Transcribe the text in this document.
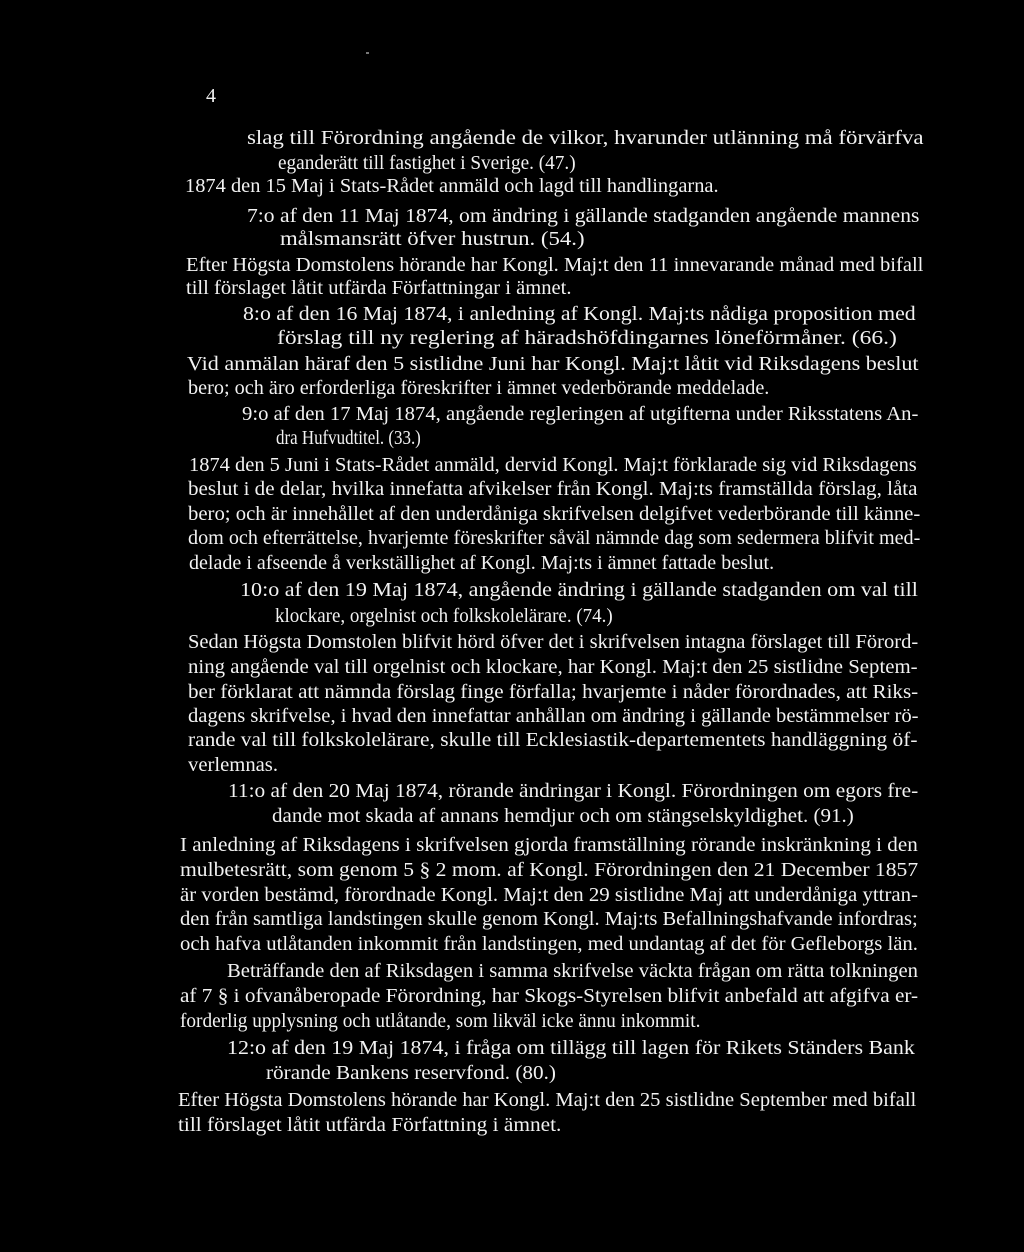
4
slag till Förordning angående de vilkor, hvarunder utlänning må förvärfva
eganderätt till fastighet i Sverige. (47.)
1874 den 15 Maj i Stats-Rådet anmäld och lagd till handlingarna.
7:o af den 11 Maj 1874, om ändring i gällande stadganden angående mannens
målsmansrätt öfver hustrun. (54.)
Efter Högsta Domstolens hörande har Kongl. Maj:t den 11 innevarande månad med bifall
till förslaget låtit utfärda Författningar i ämnet.
8:o af den 16 Maj 1874, i anledning af Kongl. Maj:ts nådiga proposition med
förslag till ny reglering af häradshöfdingarnes löneförmåner. (66.)
Vid anmälan häraf den 5 sistlidne Juni har Kongl. Maj:t låtit vid Riksdagens beslut
bero; och äro erforderliga föreskrifter i ämnet vederbörande meddelade.
9:o af den 17 Maj 1874, angående regleringen af utgifterna under Riksstatens An-
dra Hufvudtitel. (33.)
1874 den 5 Juni i Stats-Rådet anmäld, dervid Kongl. Maj:t förklarade sig vid Riksdagens
beslut i de delar, hvilka innefatta afvikelser från Kongl. Maj:ts framställda förslag, låta
bero; och är innehållet af den underdåniga skrifvelsen delgifvet vederbörande till känne-
dom och efterrättelse, hvarjemte föreskrifter såväl nämnde dag som sedermera blifvit med-
delade i afseende å verkställighet af Kongl. Maj:ts i ämnet fattade beslut.
10:o af den 19 Maj 1874, angående ändring i gällande stadganden om val till
klockare, orgelnist och folkskolelärare. (74.)
Sedan Högsta Domstolen blifvit hörd öfver det i skrifvelsen intagna förslaget till Förord-
ning angående val till orgelnist och klockare, har Kongl. Maj:t den 25 sistlidne Septem-
ber förklarat att nämnda förslag finge förfalla; hvarjemte i nåder förordnades, att Riks-
dagens skrifvelse, i hvad den innefattar anhållan om ändring i gällande bestämmelser rö-
rande val till folkskolelärare, skulle till Ecklesiastik-departementets handläggning öf-
verlemnas.
11:o af den 20 Maj 1874, rörande ändringar i Kongl. Förordningen om egors fre-
dande mot skada af annans hemdjur och om stängselskyldighet. (91.)
I anledning af Riksdagens i skrifvelsen gjorda framställning rörande inskränkning i den
mulbetesrätt, som genom 5 § 2 mom. af Kongl. Förordningen den 21 December 1857
är vorden bestämd, förordnade Kongl. Maj:t den 29 sistlidne Maj att underdåniga yttran-
den från samtliga landstingen skulle genom Kongl. Maj:ts Befallningshafvande infordras;
och hafva utlåtanden inkommit från landstingen, med undantag af det för Gefleborgs län.
Beträffande den af Riksdagen i samma skrifvelse väckta frågan om rätta tolkningen
af 7 § i ofvanåberopade Förordning, har Skogs-Styrelsen blifvit anbefald att afgifva er-
forderlig upplysning och utlåtande, som likväl icke ännu inkommit.
12:o af den 19 Maj 1874, i fråga om tillägg till lagen för Rikets Ständers Bank
rörande Bankens reservfond. (80.)
Efter Högsta Domstolens hörande har Kongl. Maj:t den 25 sistlidne September med bifall
till förslaget låtit utfärda Författning i ämnet.
